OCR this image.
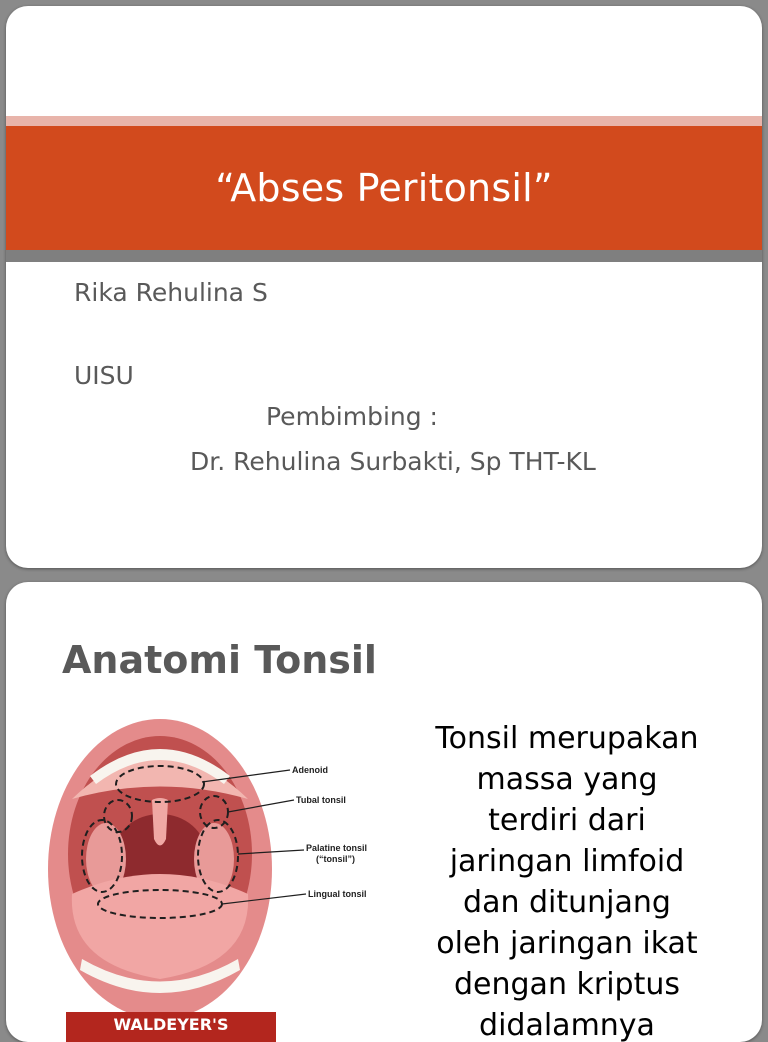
“Abses Peritonsil”

Rika Rehulina S

UISU

Pembimbing :

Dr. Rehulina Surbakti, Sp THT-KL

Anatomi Tonsil
Adenoid
Tubal tonsil
Palatine tonsil
(“tonsil”)
Lingual tonsil
WALDEYER'S
Tonsil merupakan
massa yang
terdiri dari
jaringan limfoid
dan ditunjang
oleh jaringan ikat
dengan kriptus
didalamnya
